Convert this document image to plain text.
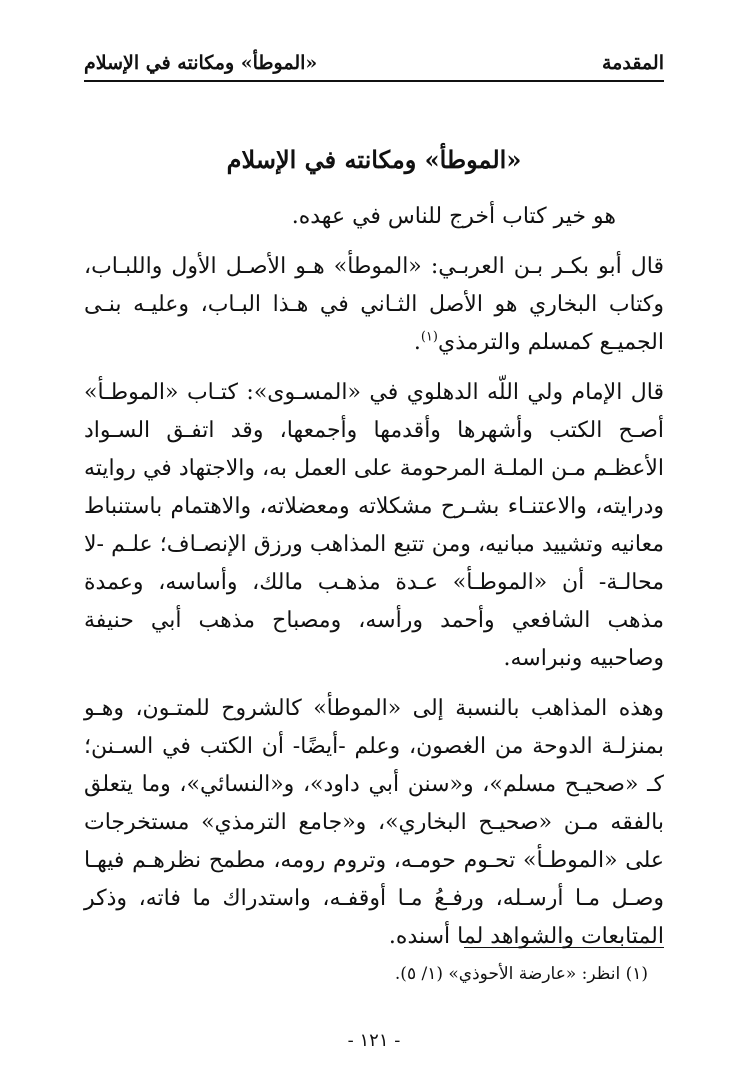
المقدمة
«الموطأ» ومكانته في الإسلام
«الموطأ» ومكانته في الإسلام

هو خير كتاب أخرج للناس في عهده.

قال أبو بكـر بـن العربـي: «الموطأ» هـو الأصـل الأول واللبـاب، وكتاب البخاري هو الأصل الثـاني في هـذا البـاب، وعليـه بنـى الجميـع كمسلم والترمذي$^{(١)}$.

قال الإمام ولي اللّه الدهلوي في «المسـوى»: كتـاب «الموطـأ» أصـح الكتب وأشهرها وأقدمها وأجمعها، وقد اتفـق السـواد الأعظـم مـن الملـة المرحومة على العمل به، والاجتهاد في روايته ودرايته، والاعتنـاء بشـرح مشكلاته ومعضلاته، والاهتمام باستنباط معانيه وتشييد مبانيه، ومن تتبع المذاهب ورزق الإنصـاف؛ علـم -لا محالـة- أن «الموطـأ» عـدة مذهـب مالك، وأساسه، وعمدة مذهب الشافعي وأحمد ورأسه، ومصباح مذهب أبي حنيفة وصاحبيه ونبراسه.

وهذه المذاهب بالنسبة إلى «الموطأ» كالشروح للمتـون، وهـو بمنزلـة الدوحة من الغصون، وعلم -أيضًا- أن الكتب في السـنن؛ كـ «صحيـح مسلم»، و«سنن أبي داود»، و«النسائي»، وما يتعلق بالفقه مـن «صحيـح البخاري»، و«جامع الترمذي» مستخرجات على «الموطـأ» تحـوم حومـه، وتروم رومه، مطمح نظرهـم فيهـا وصـل مـا أرسـله، ورفـعُ مـا أوقفـه، واستدراك ما فاته، وذكر المتابعات والشواهد لما أسنده.

(١) انظر: «عارضة الأحوذي» (١/ ٥).
- ١٢١ -
